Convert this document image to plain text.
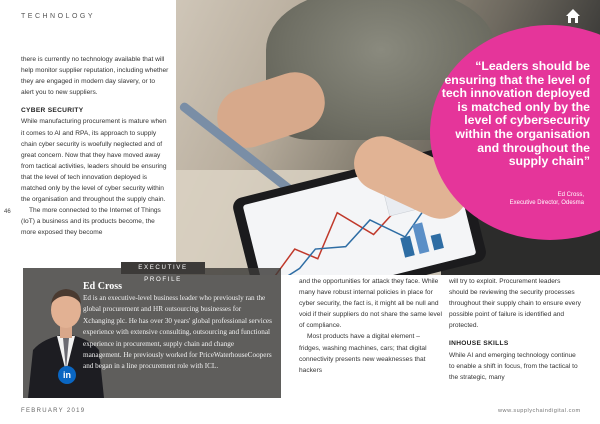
TECHNOLOGY

there is currently no technology available that will help monitor supplier reputation, including whether they are engaged in modern day slavery, or to alert you to new suppliers.

CYBER SECURITY

While manufacturing procurement is mature when it comes to AI and RPA, its approach to supply chain cyber security is woefully neglected and of great concern. Now that they have moved away from tactical activities, leaders should be ensuring that the level of tech innovation deployed is matched only by the level of cyber security within the organisation and throughout the supply chain.

The more connected to the Internet of Things (IoT) a business and its products become, the more exposed they become

46
“Leaders should be ensuring that the level of tech innovation deployed is matched only by the level of cybersecurity within the organisation and throughout the supply chain”
Ed Cross,
Executive Director, Odesma
EXECUTIVE PROFILE
in
Ed Cross
Ed is an executive-level business leader who previously ran the global procurement and HR outsourcing businesses for Xchanging plc. He has over 30 years' global professional services experience with extensive consulting, outsourcing and functional experience in procurement, supply chain and change management. He previously worked for PriceWaterhouseCoopers and began in a line procurement role with ICL.

and the opportunities for attack they face. While many have robust internal policies in place for cyber security, the fact is, it might all be null and void if their suppliers do not share the same level of compliance.

Most products have a digital element – fridges, washing machines, cars; that digital connectivity presents new weaknesses that hackers

will try to exploit. Procurement leaders should be reviewing the security processes throughout their supply chain to ensure every possible point of failure is identified and protected.

INHOUSE SKILLS

While AI and emerging technology continue to enable a shift in focus, from the tactical to the strategic, many

FEBRUARY 2019	www.supplychaindigital.com
